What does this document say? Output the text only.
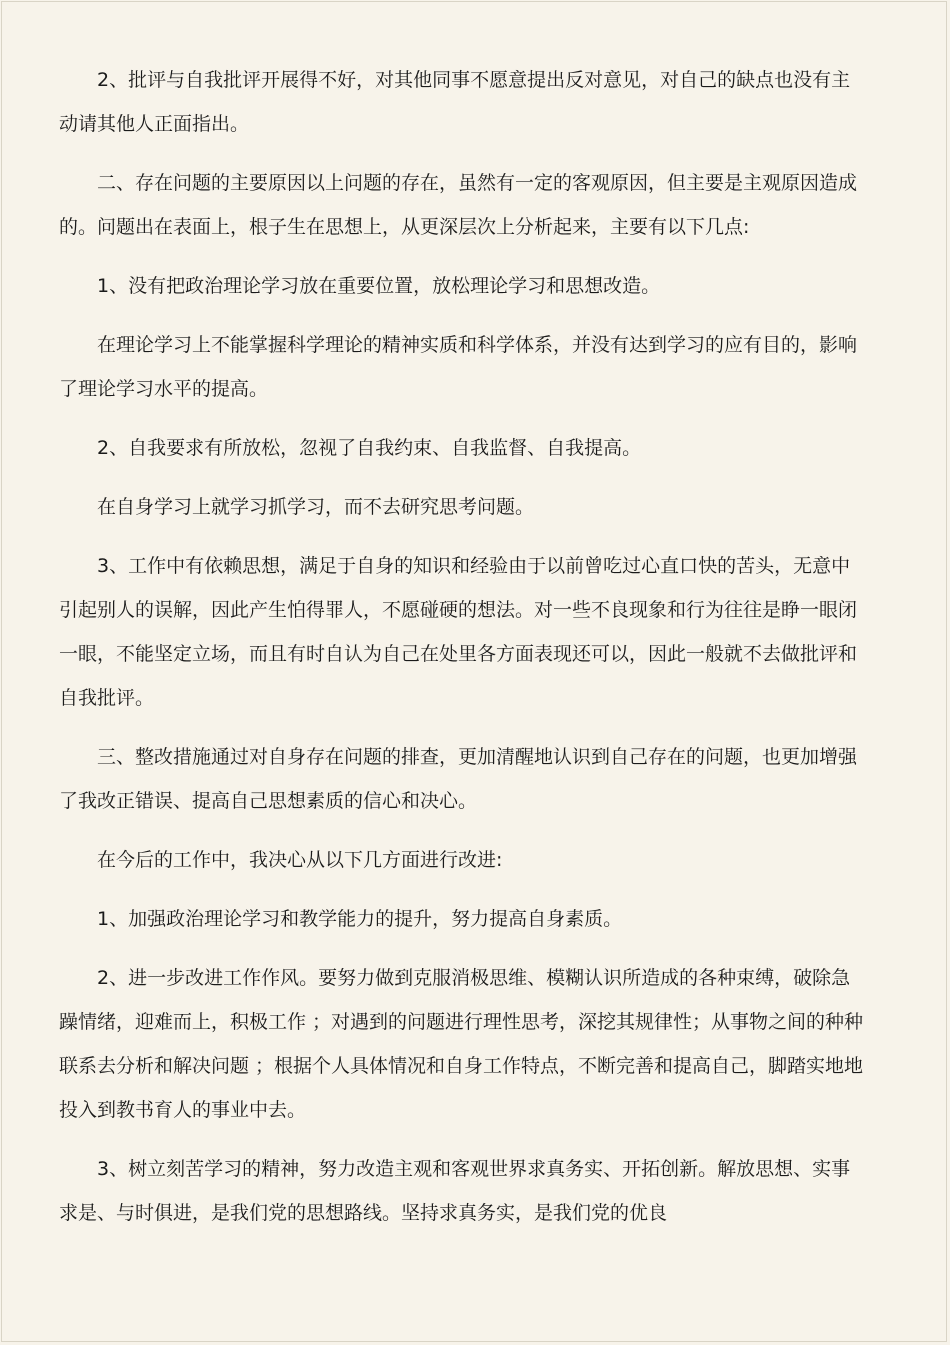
2、批评与自我批评开展得不好，对其他同事不愿意提出反对意见，对自己的缺点也没有主动请其他人正面指出。

二、存在问题的主要原因以上问题的存在，虽然有一定的客观原因，但主要是主观原因造成的。问题出在表面上，根子生在思想上，从更深层次上分析起来，主要有以下几点:

1、没有把政治理论学习放在重要位置，放松理论学习和思想改造。

在理论学习上不能掌握科学理论的精神实质和科学体系，并没有达到学习的应有目的，影响了理论学习水平的提高。

2、自我要求有所放松，忽视了自我约束、自我监督、自我提高。

在自身学习上就学习抓学习，而不去研究思考问题。

3、工作中有依赖思想，满足于自身的知识和经验由于以前曾吃过心直口快的苦头，无意中引起别人的误解，因此产生怕得罪人，不愿碰硬的想法。对一些不良现象和行为往往是睁一眼闭一眼，不能坚定立场，而且有时自认为自己在处里各方面表现还可以，因此一般就不去做批评和自我批评。

三、整改措施通过对自身存在问题的排查，更加清醒地认识到自己存在的问题，也更加增强了我改正错误、提高自己思想素质的信心和决心。

在今后的工作中，我决心从以下几方面进行改进:

1、加强政治理论学习和教学能力的提升，努力提高自身素质。

2、进一步改进工作作风。要努力做到克服消极思维、模糊认识所造成的各种束缚，破除急躁情绪，迎难而上，积极工作 ；对遇到的问题进行理性思考，深挖其规律性；从事物之间的种种联系去分析和解决问题 ；根据个人具体情况和自身工作特点，不断完善和提高自己，脚踏实地地投入到教书育人的事业中去。

3、树立刻苦学习的精神，努力改造主观和客观世界求真务实、开拓创新。解放思想、实事求是、与时俱进，是我们党的思想路线。坚持求真务实，是我们党的优良
